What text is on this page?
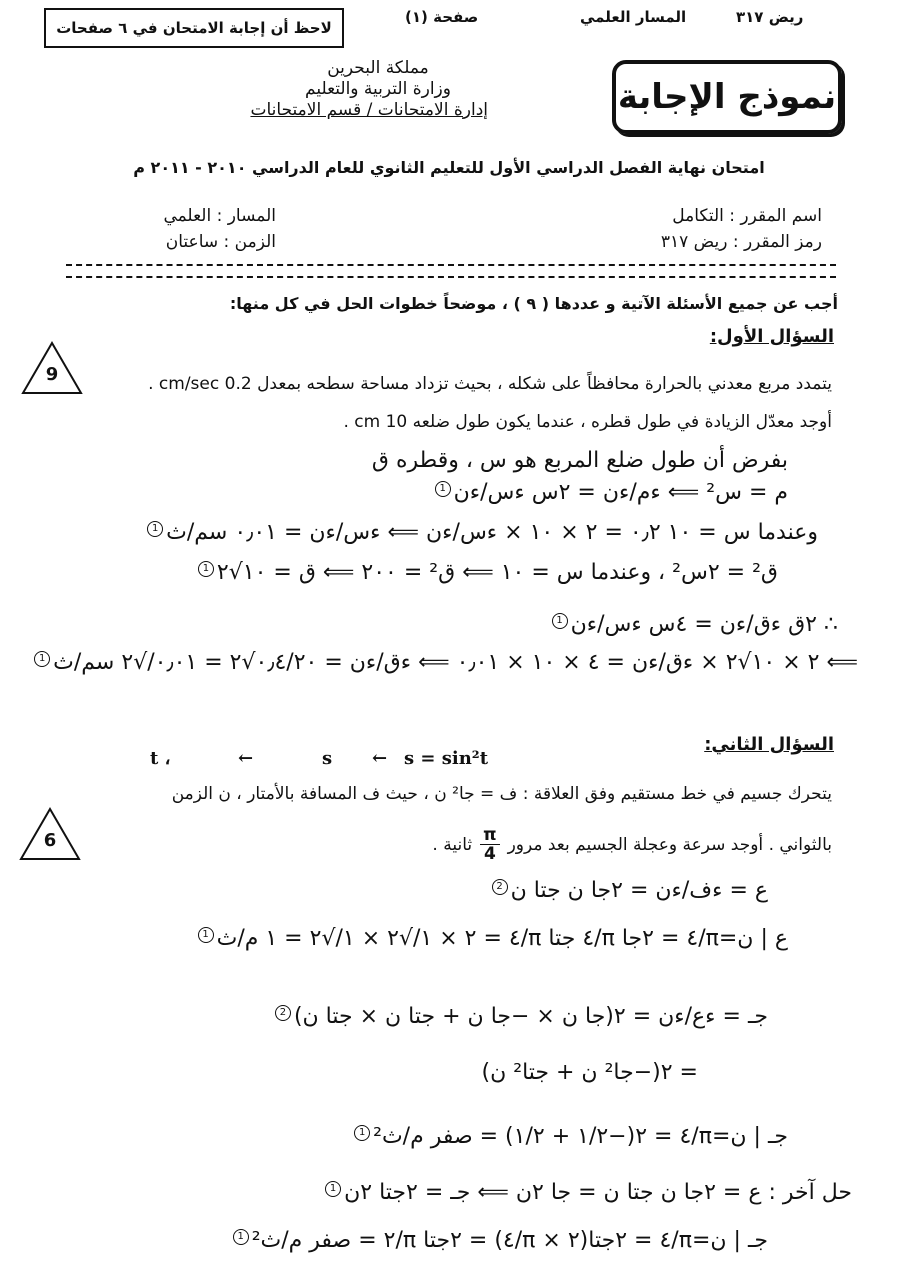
لاحظ أن إجابة الامتحان في ٦ صفحات
صفحة (١)	المسار العلمي	ريض ٣١٧
نموذج الإجابة
مملكة البحرين
وزارة التربية والتعليم
إدارة الامتحانات / قسم الامتحانات
امتحان نهاية الفصل الدراسي الأول للتعليم الثانوي للعام الدراسي ٢٠١٠ - ٢٠١١ م
اسم المقرر : التكامل
رمز المقرر : ريض ٣١٧
المسار : العلمي
الزمن : ساعتان
أجب عن جميع الأسئلة الآتية و عددها ( ٩ ) ، موضحاً خطوات الحل في كل منها:
السؤال الأول:
9	يتمدد مربع معدني بالحرارة محافظاً على شكله ، بحيث تزداد مساحة سطحه بمعدل 0.2 cm/sec .
أوجد معدّل الزيادة في طول قطره ، عندما يكون طول ضلعه 10 cm .
بفرض أن طول ضلع المربع هو س ، وقطره ق
م = س² ⟸ ءم/ءن = ٢س ءس/ءن1
وعندما س = ١٠ ٠٫٢ = ٢ × ١٠ × ءس/ءن ⟸ ءس/ءن = ٠٫٠١ سم/ث1
ق² = ٢س² ، وعندما س = ١٠ ⟸ ق² = ٢٠٠ ⟸ ق = ١٠√٢1
∴ ٢ق ءق/ءن = ٤س ءس/ءن1
⟸ ٢ × ١٠√٢ × ءق/ءن = ٤ × ١٠ × ٠٫٠١ ⟸ ءق/ءن = ٠٫٤/٢٠√٢ = ٠٫٠١/√٢ سم/ث1
السؤال الثاني:
t ،	←	s ← s = sin²t
6
يتحرك جسيم في خط مستقيم وفق العلاقة : ف = جا² ن ، حيث ف المسافة بالأمتار ، ن الزمن
بالثواني . أوجد سرعة وعجلة الجسيم بعد مرور
$\frac{\pi}{4}$
ثانية .
ع = ءف/ءن = ٢جا ن جتا ن2
ع | ن=π/٤ = ٢جا π/٤ جتا π/٤ = ٢ × ١/√٢ × ١/√٢ = ١ م/ث1
جـ = ءع/ءن = ٢(جا ن × −جا ن + جتا ن × جتا ن)2
= ٢(−جا² ن + جتا² ن)
جـ | ن=π/٤ = ٢(−١/٢ + ١/٢) = صفر م/ث²1
حل آخر : ع = ٢جا ن جتا ن = جا ٢ن ⟸ جـ = ٢جتا ٢ن1
جـ | ن=π/٤ = ٢جتا(٢ × π/٤) = ٢جتا π/٢ = صفر م/ث²1
